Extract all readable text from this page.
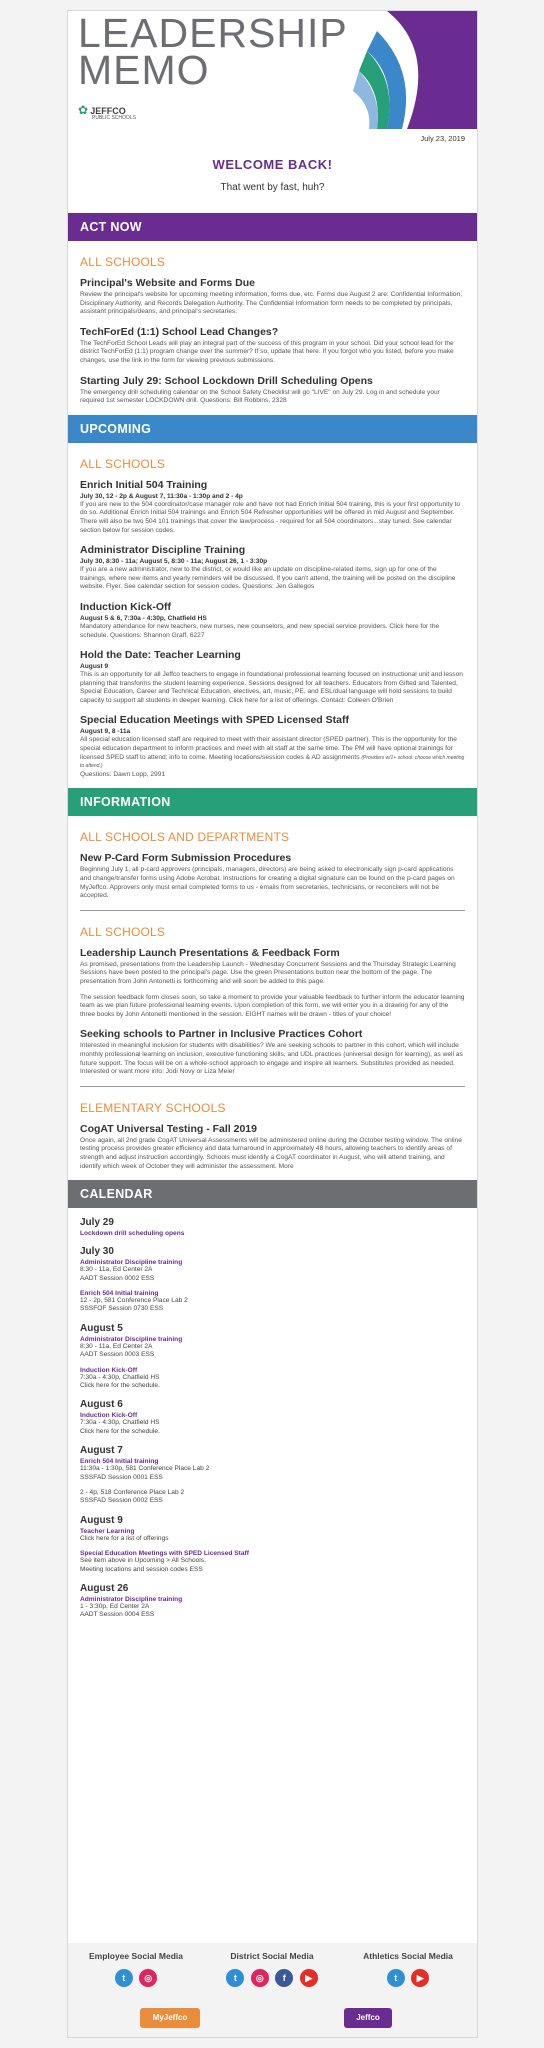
LEADERSHIP
MEMO
✿ JEFFCO
PUBLIC SCHOOLS
July 23, 2019
WELCOME BACK!

That went by fast, huh?

ACT NOW
ALL SCHOOLS
Principal's Website and Forms Due

Review the principal's website for upcoming meeting information, forms due, etc. Forms due August 2 are: Confidential Information, Disciplinary Authority, and Records Delegation Authority. The Confidential Information form needs to be completed by principals, assistant principals/deans, and principal's secretaries.

TechForEd (1:1) School Lead Changes?

The TechForEd School Leads will play an integral part of the success of this program in your school. Did your school lead for the district TechForEd (1:1) program change over the summer? If so, update that here. If you forgot who you listed, before you make changes, use the link in the form for viewing previous submissions.

Starting July 29: School Lockdown Drill Scheduling Opens

The emergency drill scheduling calendar on the School Safety Checklist will go "LIVE" on July 29. Log in and schedule your required 1st semester LOCKDOWN drill. Questions: Bill Robbins, 2328

UPCOMING
ALL SCHOOLS
Enrich Initial 504 Training
July 30, 12 - 2p & August 7, 11:30a - 1:30p and 2 - 4p

If you are new to the 504 coordinator/case manager role and have not had Enrich Initial 504 training, this is your first opportunity to do so. Additional Enrich Initial 504 trainings and Enrich 504 Refresher opportunities will be offered in mid August and September. There will also be two 504 101 trainings that cover the law/process - required for all 504 coordinators...stay tuned. See calendar section below for session codes.

Administrator Discipline Training
July 30, 8:30 - 11a; August 5, 8:30 - 11a; August 26, 1 - 3:30p

If you are a new administrator, new to the district, or would like an update on discipline-related items, sign up for one of the trainings, where new items and yearly reminders will be discussed. If you can't attend, the training will be posted on the discipline website. Flyer. See calendar section for session codes. Questions: Jen Gallegos

Induction Kick-Off
August 5 & 6, 7:30a - 4:30p, Chatfield HS

Mandatory attendance for new teachers, new nurses, new counselors, and new special service providers. Click here for the schedule. Questions: Shannon Graff, 6227

Hold the Date: Teacher Learning
August 9

This is an opportunity for all Jeffco teachers to engage in foundational professional learning focused on instructional unit and lesson planning that transforms the student learning experience. Sessions designed for all teachers. Educators from Gifted and Talented, Special Education, Career and Technical Education, electives, art, music, PE, and ESL/dual language will hold sessions to build capacity to support all students in deeper learning. Click here for a list of offerings. Contact: Colleen O'Brien

Special Education Meetings with SPED Licensed Staff
August 9, 8 -11a

All special education licensed staff are required to meet with their assistant director (SPED partner). This is the opportunity for the special education department to inform practices and meet with all staff at the same time. The PM will have optional trainings for licensed SPED staff to attend; info to come. Meeting locations/session codes & AD assignments (Providers w/1+ school: choose which meeting to attend.)

Questions: Dawn Lopp, 2991

INFORMATION
ALL SCHOOLS AND DEPARTMENTS
New P-Card Form Submission Procedures

Beginning July 1, all p-card approvers (principals, managers, directors) are being asked to electronically sign p-card applications and change/transfer forms using Adobe Acrobat. Instructions for creating a digital signature can be found on the p-card pages on MyJeffco. Approvers only must email completed forms to us - emails from secretaries, technicians, or reconcilers will not be accepted.

ALL SCHOOLS
Leadership Launch Presentations & Feedback Form

As promised, presentations from the Leadership Launch - Wednesday Concurrent Sessions and the Thursday Strategic Learning Sessions have been posted to the principal's page. Use the green Presentations button near the bottom of the page. The presentation from John Antonetti is forthcoming and will soon be added to this page.

The session feedback form closes soon, so take a moment to provide your valuable feedback to further inform the educator learning team as we plan future professional learning events. Upon completion of this form, we will enter you in a drawing for any of the three books by John Antonetti mentioned in the session. EIGHT names will be drawn - titles of your choice!

Seeking schools to Partner in Inclusive Practices Cohort

Interested in meaningful inclusion for students with disabilities? We are seeking schools to partner in this cohort, which will include monthly professional learning on inclusion, executive functioning skills, and UDL practices (universal design for learning), as well as future support. The focus will be on a whole-school approach to engage and inspire all learners. Substitutes provided as needed. Interested or want more info: Jodi Novy or Liza Meier

ELEMENTARY SCHOOLS
CogAT Universal Testing - Fall 2019

Once again, all 2nd grade CogAT Universal Assessments will be administered online during the October testing window. The online testing process provides greater efficiency and data turnaround in approximately 48 hours, allowing teachers to identify areas of strength and adjust instruction accordingly. Schools must identify a CogAT coordinator in August, who will attend training, and identify which week of October they will administer the assessment. More

CALENDAR
July 29
Lockdown drill scheduling opens
July 30
Administrator Discipline training
8:30 - 11a, Ed Center 2A
AADT Session 0002 ESS
Enrich 504 Initial training
12 - 2p, 581 Conference Place Lab 2
SSSFOF Session 0730 ESS
August 5
Administrator Discipline training
8:30 - 11a, Ed Center 2A
AADT Session 0003 ESS
Induction Kick-Off
7:30a - 4:30p, Chatfield HS
Click here for the schedule.
August 6
Induction Kick-Off
7:30a - 4:30p, Chatfield HS
Click here for the schedule.
August 7
Enrich 504 Initial training
11:30a - 1:30p, 581 Conference Place Lab 2
SSSFAD Session 0001 ESS
2 - 4p, 518 Conference Place Lab 2
SSSFAD Session 0002 ESS
August 9
Teacher Learning
Click here for a list of offerings
Special Education Meetings with SPED Licensed Staff
See item above in Upcoming > All Schools.
Meeting locations and session codes ESS
August 26
Administrator Discipline training
1 - 3:30p, Ed Center 2A
AADT Session 0004 ESS
Employee Social Media
t ◎
District Social Media
t ◎ f ▶
Athletics Social Media
t ▶
MyJeffco	Jeffco
